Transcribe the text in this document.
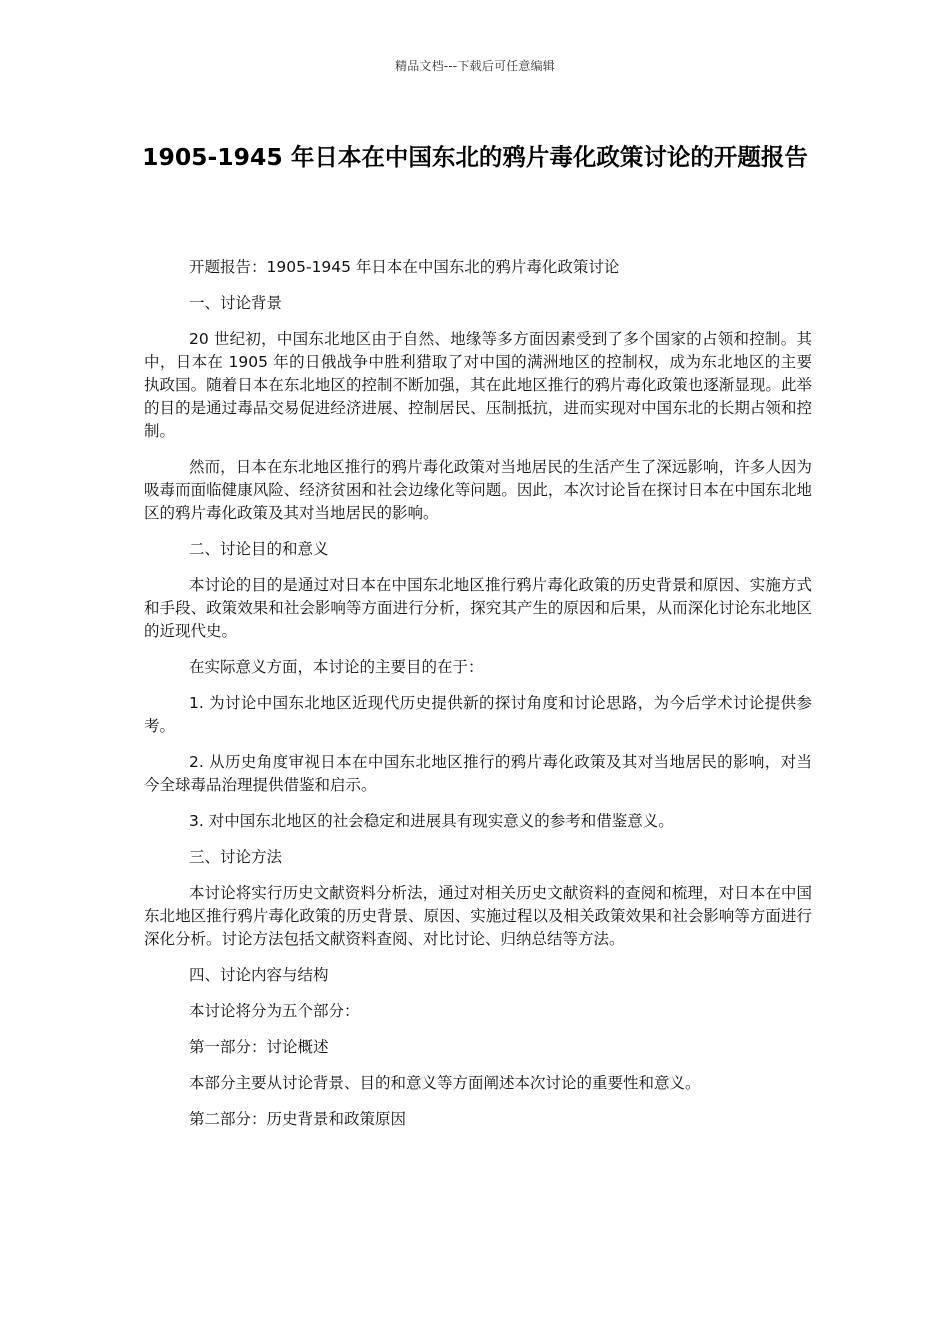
精品文档---下载后可任意编辑
1905-1945 年日本在中国东北的鸦片毒化政策讨论的开题报告

开题报告：1905-1945 年日本在中国东北的鸦片毒化政策讨论

一、讨论背景

20 世纪初，中国东北地区由于自然、地缘等多方面因素受到了多个国家的占领和控制。其中，日本在 1905 年的日俄战争中胜利猎取了对中国的满洲地区的控制权，成为东北地区的主要执政国。随着日本在东北地区的控制不断加强，其在此地区推行的鸦片毒化政策也逐渐显现。此举的目的是通过毒品交易促进经济进展、控制居民、压制抵抗，进而实现对中国东北的长期占领和控制。

然而，日本在东北地区推行的鸦片毒化政策对当地居民的生活产生了深远影响，许多人因为吸毒而面临健康风险、经济贫困和社会边缘化等问题。因此，本次讨论旨在探讨日本在中国东北地区的鸦片毒化政策及其对当地居民的影响。

二、讨论目的和意义

本讨论的目的是通过对日本在中国东北地区推行鸦片毒化政策的历史背景和原因、实施方式和手段、政策效果和社会影响等方面进行分析，探究其产生的原因和后果，从而深化讨论东北地区的近现代史。

在实际意义方面，本讨论的主要目的在于：

1. 为讨论中国东北地区近现代历史提供新的探讨角度和讨论思路，为今后学术讨论提供参考。

2. 从历史角度审视日本在中国东北地区推行的鸦片毒化政策及其对当地居民的影响，对当今全球毒品治理提供借鉴和启示。

3. 对中国东北地区的社会稳定和进展具有现实意义的参考和借鉴意义。

三、讨论方法

本讨论将实行历史文献资料分析法，通过对相关历史文献资料的查阅和梳理，对日本在中国东北地区推行鸦片毒化政策的历史背景、原因、实施过程以及相关政策效果和社会影响等方面进行深化分析。讨论方法包括文献资料查阅、对比讨论、归纳总结等方法。

四、讨论内容与结构

本讨论将分为五个部分：

第一部分：讨论概述

本部分主要从讨论背景、目的和意义等方面阐述本次讨论的重要性和意义。

第二部分：历史背景和政策原因
